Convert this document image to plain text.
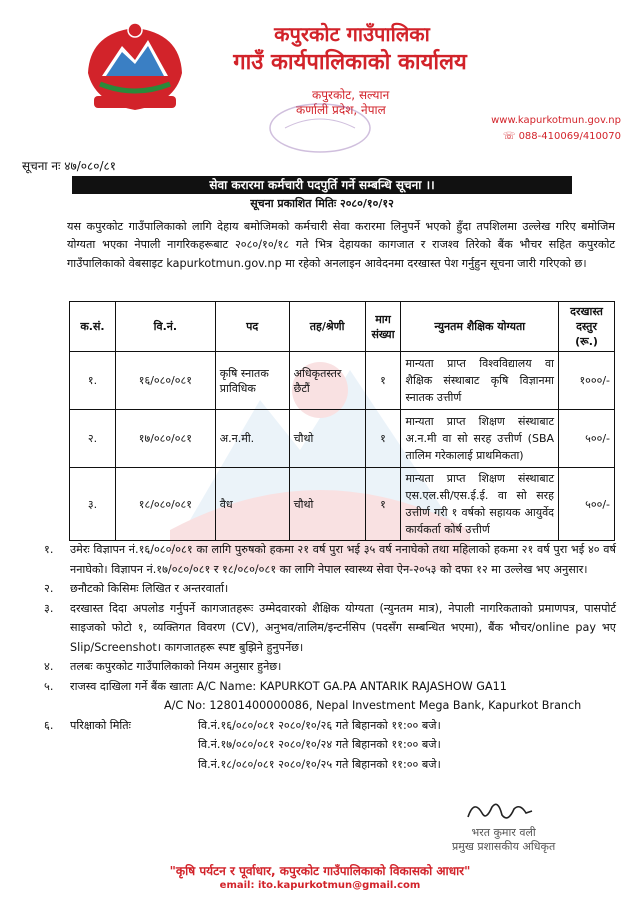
कपुरकोट गाउँपालिका
गाउँ कार्यपालिकाको कार्यालय
कपुरकोट, सल्यान
कर्णाली प्रदेश, नेपाल
www.kapurkotmun.gov.np
☏ 088-410069/410070
सूचना नः ४७/०८०/८१
सेवा करारमा कर्मचारी पदपुर्ति गर्ने सम्बन्धि सूचना ।।
सूचना प्रकाशित मितिः २०८०/१०/१२
यस कपुरकोट गाउँपालिकाको लागि देहाय बमोजिमको कर्मचारी सेवा करारमा लिनुपर्ने भएको हुँदा तपशिलमा उल्लेख गरिए बमोजिम योग्यता भएका नेपाली नागरिकहरूबाट २०८०/१०/१८ गते भित्र देहायका कागजात र राजश्व तिरेको बैंक भौचर सहित कपुरकोट गाउँपालिकाको वेबसाइट kapurkotmun.gov.np मा रहेको अनलाइन आवेदनमा दरखास्त पेश गर्नुहुन सूचना जारी गरिएको छ।
क.सं.	वि.नं.	पद	तह/श्रेणी	माग संख्या	न्युनतम शैक्षिक योग्यता	दरखास्त दस्तुर (रू.)
१.	१६/०८०/०८१	कृषि स्नातक प्राविधिक	अधिकृतस्तर छैटौं	१	मान्यता प्राप्त विश्वविद्यालय वा शैक्षिक संस्थाबाट कृषि विज्ञानमा स्नातक उत्तीर्ण	१०००/-
२.	१७/०८०/०८१	अ.न.मी.	चौथो	१	मान्यता प्राप्त शिक्षण संस्थाबाट अ.न.मी वा सो सरह उत्तीर्ण (SBA तालिम गरेकालाई प्राथमिकता)	५००/-
३.	१८/०८०/०८१	वैध	चौथो	१	मान्यता प्राप्त शिक्षण संस्थाबाट एस.एल.सी/एस.ई.ई. वा सो सरह उत्तीर्ण गरी १ वर्षको सहायक आयुर्वेद कार्यकर्ता कोर्ष उत्तीर्ण	५००/-
१. उमेरः विज्ञापन नं.१६/०८०/०८१ का लागि पुरुषको हकमा २१ वर्ष पुरा भई ३५ वर्ष ननाघेको तथा महिलाको हकमा २१ वर्ष पुरा भई ४० वर्ष ननाघेको। विज्ञापन नं.१७/०८०/०८१ र १८/०८०/०८१ का लागि नेपाल स्वास्थ्य सेवा ऐन-२०५३ को दफा १२ मा उल्लेख भए अनुसार।
२. छनौटको किसिमः लिखित र अन्तरवार्ता।
३. दरखास्त दिदा अपलोड गर्नुपर्ने कागजातहरूः उम्मेदवारको शैक्षिक योग्यता (न्युनतम मात्र), नेपाली नागरिकताको प्रमाणपत्र, पासपोर्ट साइजको फोटो १, व्यक्तिगत विवरण (CV), अनुभव/तालिम/इन्टर्नसिप (पदसँग सम्बन्धित भएमा), बैंक भौचर/online pay भए Slip/Screenshot। कागजातहरू स्पष्ट बुझिने हुनुपर्नेछ।
४. तलबः कपुरकोट गाउँपालिकाको नियम अनुसार हुनेछ।
५. राजस्व दाखिला गर्ने बैंक खाताः A/C Name: KAPURKOT GA.PA ANTARIK RAJASHOW GA11
A/C No: 12801400000086, Nepal Investment Mega Bank, Kapurkot Branch
६. परिक्षाको मितिः	वि.नं.१६/०८०/०८१ २०८०/१०/२६ गते बिहानको ११:०० बजे।
वि.नं.१७/०८०/०८१ २०८०/१०/२४ गते बिहानको ११:०० बजे।
वि.नं.१८/०८०/०८१ २०८०/१०/२५ गते बिहानको ११:०० बजे।
भरत कुमार वली
प्रमुख प्रशासकीय अधिकृत
"कृषि पर्यटन र पूर्वाधार, कपुरकोट गाउँपालिकाको विकासको आधार"
email: ito.kapurkotmun@gmail.com
